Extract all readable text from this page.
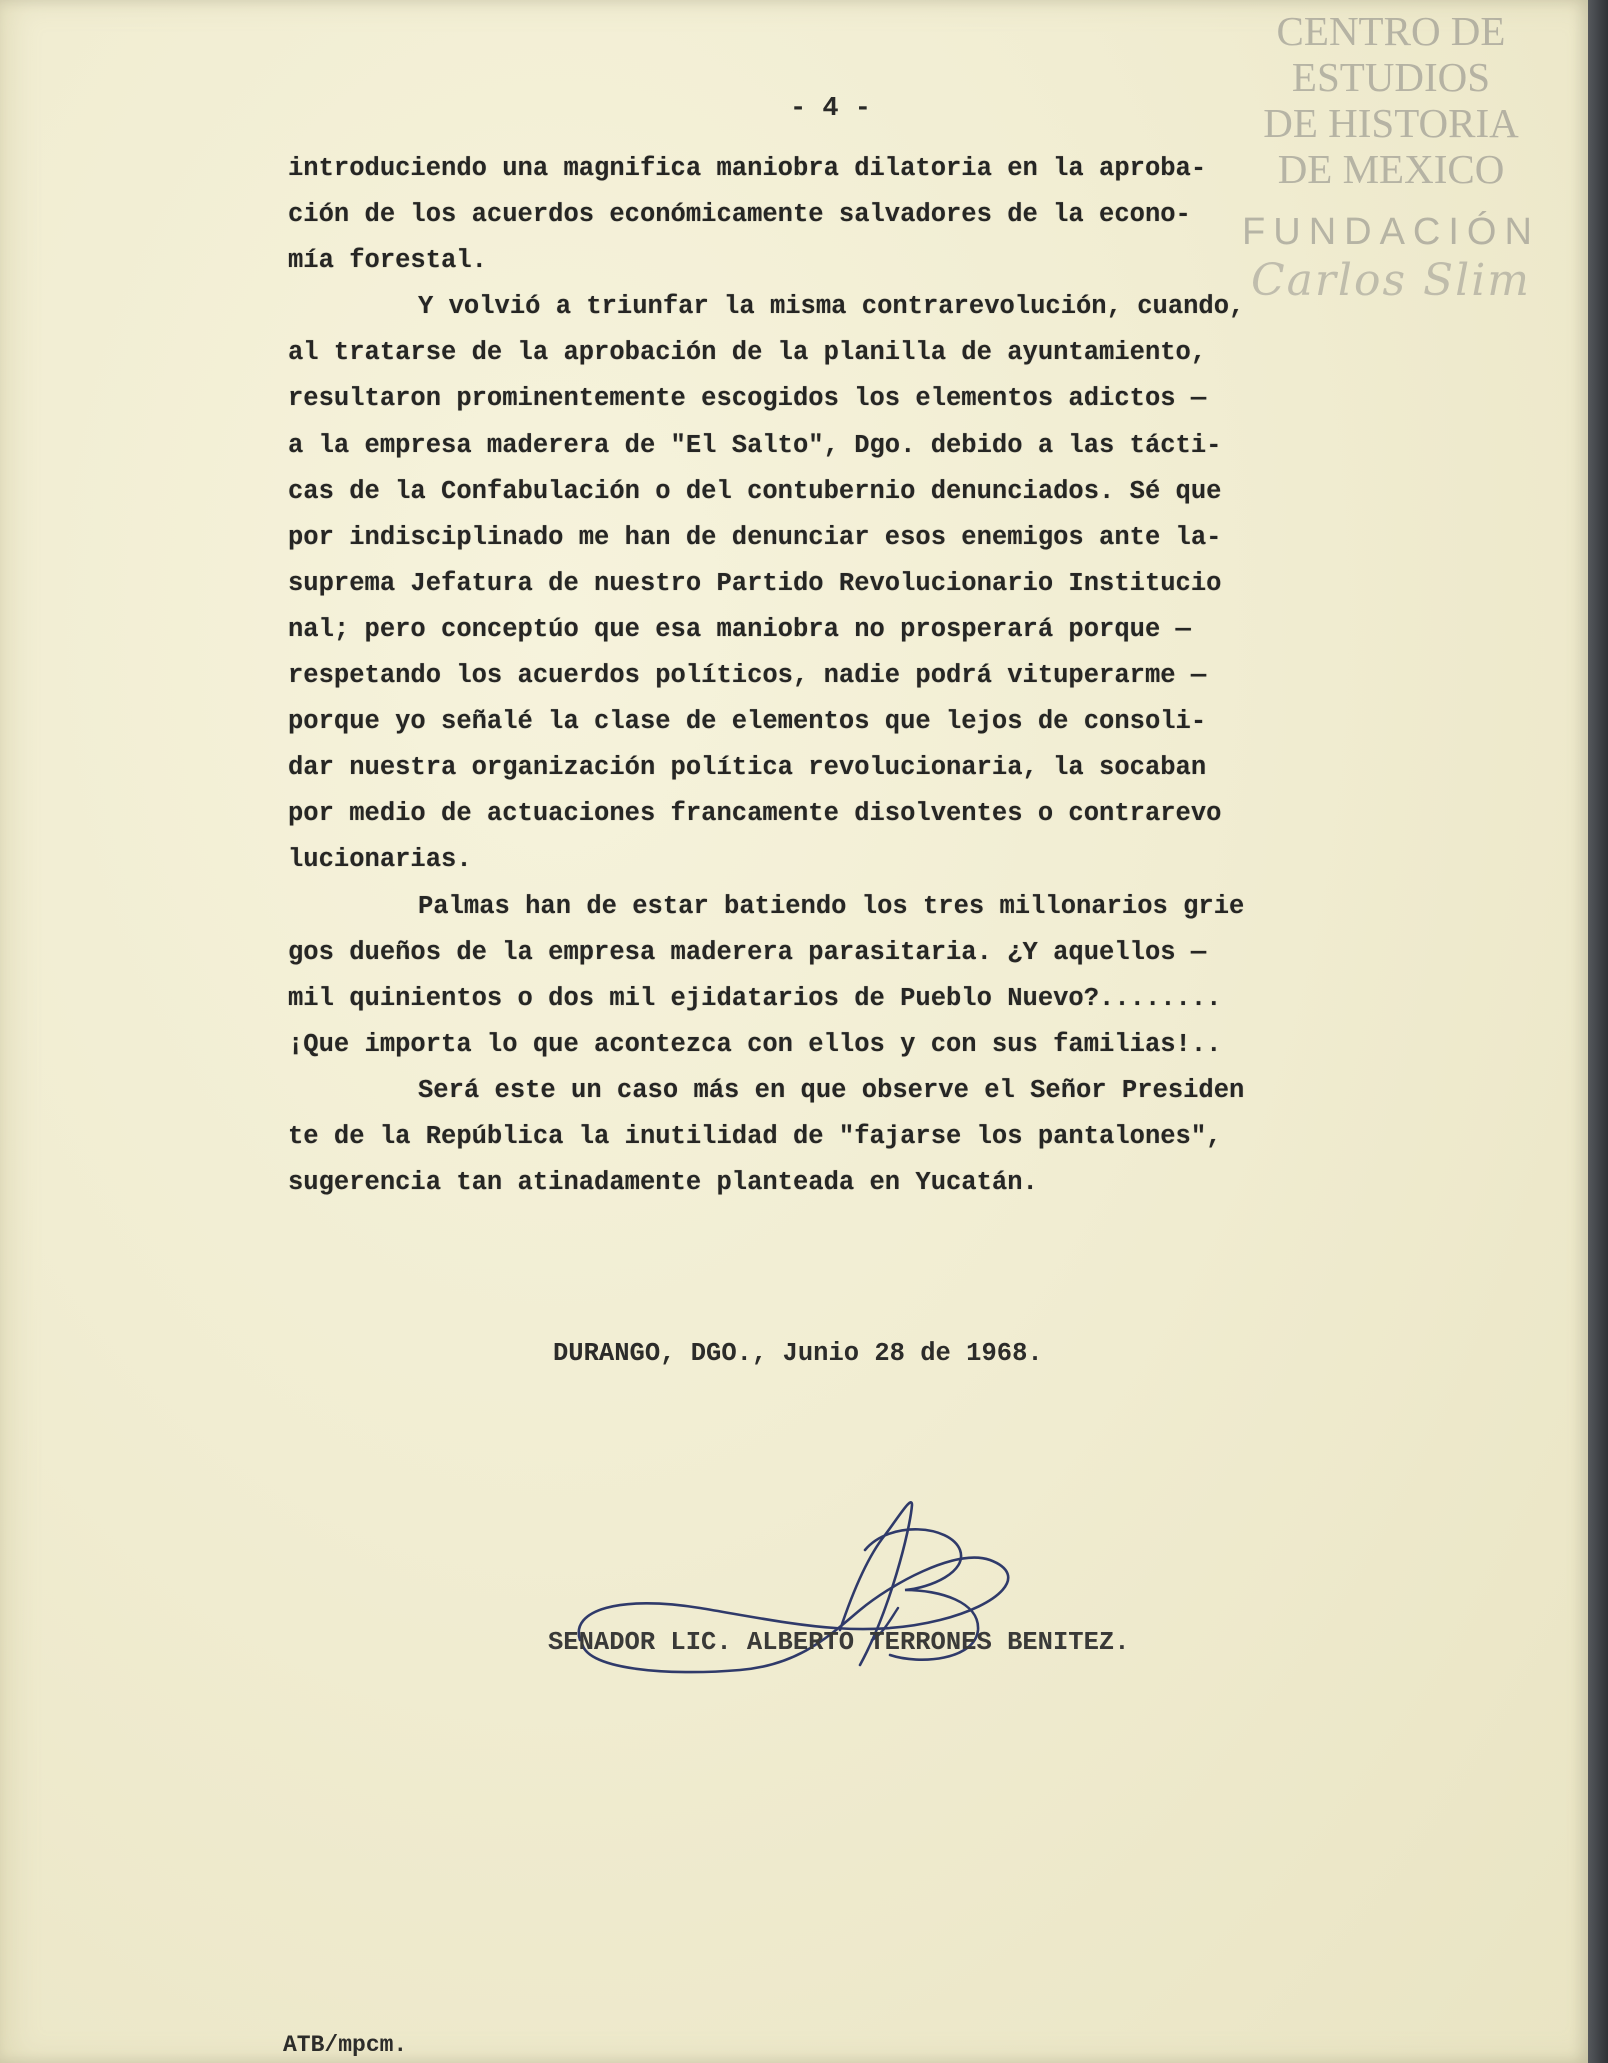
CENTRO DE
ESTUDIOS
DE HISTORIA
DE MEXICO
FUNDACIÓN
Carlos Slim
- 4 -
introduciendo una magnifica maniobra dilatoria en la aproba-
ción de los acuerdos económicamente salvadores de la econo-
mía forestal.
Y volvió a triunfar la misma contrarevolución, cuando,
al tratarse de la aprobación de la planilla de ayuntamiento,
resultaron prominentemente escogidos los elementos adictos —
a la empresa maderera de "El Salto", Dgo. debido a las tácti-
cas de la Confabulación o del contubernio denunciados. Sé que
por indisciplinado me han de denunciar esos enemigos ante la-
suprema Jefatura de nuestro Partido Revolucionario Institucio
nal; pero conceptúo que esa maniobra no prosperará porque —
respetando los acuerdos políticos, nadie podrá vituperarme —
porque yo señalé la clase de elementos que lejos de consoli-
dar nuestra organización política revolucionaria, la socaban
por medio de actuaciones francamente disolventes o contrarevo
lucionarias.
Palmas han de estar batiendo los tres millonarios grie
gos dueños de la empresa maderera parasitaria. ¿Y aquellos —
mil quinientos o dos mil ejidatarios de Pueblo Nuevo?........
¡Que importa lo que acontezca con ellos y con sus familias!..
Será este un caso más en que observe el Señor Presiden
te de la República la inutilidad de "fajarse los pantalones",
sugerencia tan atinadamente planteada en Yucatán.
DURANGO, DGO., Junio 28 de 1968.
SENADOR LIC. ALBERTO TERRONES BENITEZ.
ATB/mpcm.
